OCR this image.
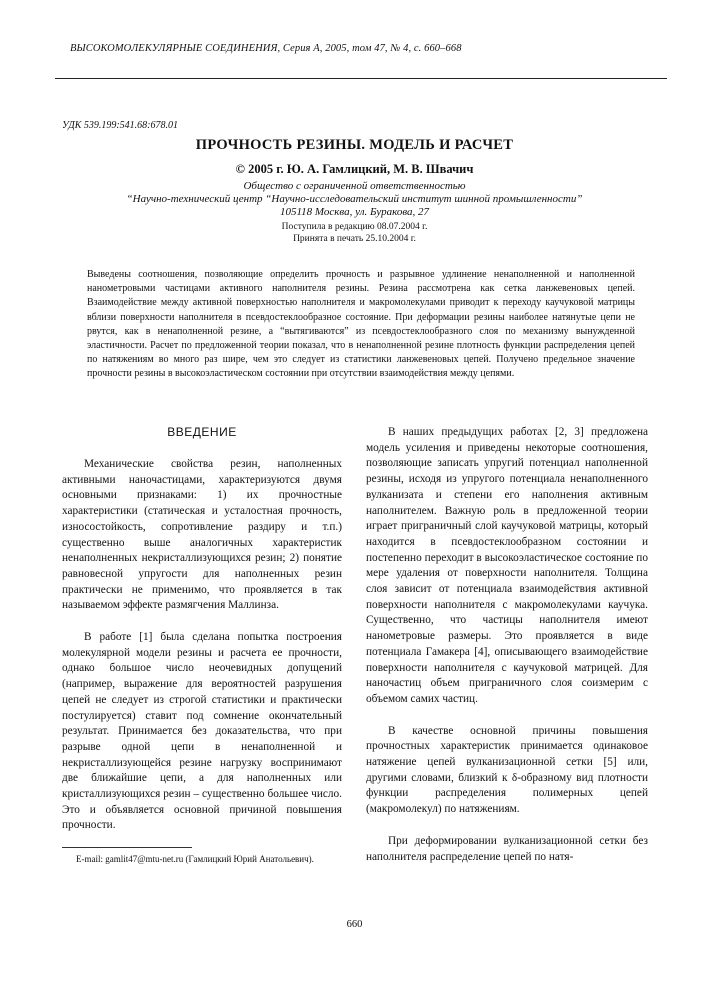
ВЫСОКОМОЛЕКУЛЯРНЫЕ СОЕДИНЕНИЯ, Серия А, 2005, том 47, № 4, с. 660–668
УДК 539.199:541.68:678.01
ПРОЧНОСТЬ РЕЗИНЫ. МОДЕЛЬ И РАСЧЕТ
© 2005 г. Ю. А. Гамлицкий, М. В. Швачич
Общество с ограниченной ответственностью
“Научно-технический центр “Научно-исследовательский институт шинной промышленности”
105118 Москва, ул. Буракова, 27
Поступила в редакцию 08.07.2004 г.
Принята в печать 25.10.2004 г.
Выведены соотношения, позволяющие определить прочность и разрывное удлинение ненаполненной и наполненной нанометровыми частицами активного наполнителя резины. Резина рассмотрена как сетка ланжевеновых цепей. Взаимодействие между активной поверхностью наполнителя и макромолекулами приводит к переходу каучуковой матрицы вблизи поверхности наполнителя в псевдостеклообразное состояние. При деформации резины наиболее натянутые цепи не рвутся, как в ненаполненной резине, а “вытягиваются” из псевдостеклообразного слоя по механизму вынужденной эластичности. Расчет по предложенной теории показал, что в ненаполненной резине плотность функции распределения цепей по натяжениям во много раз шире, чем это следует из статистики ланжевеновых цепей. Получено предельное значение прочности резины в высокоэластическом состоянии при отсутствии взаимодействия между цепями.
ВВЕДЕНИЕ

Механические свойства резин, наполненных активными наночастицами, характеризуются двумя основными признаками: 1) их прочностные характеристики (статическая и усталостная прочность, износостойкость, сопротивление раздиру и т.п.) существенно выше аналогичных характеристик ненаполненных некристаллизующихся резин; 2) понятие равновесной упругости для наполненных резин практически не применимо, что проявляется в так называемом эффекте размягчения Маллинза.

В работе [1] была сделана попытка построения молекулярной модели резины и расчета ее прочности, однако большое число неочевидных допущений (например, выражение для вероятностей разрушения цепей не следует из строгой статистики и практически постулируется) ставит под сомнение окончательный результат. Принимается без доказательства, что при разрыве одной цепи в ненаполненной и некристаллизующейся резине нагрузку воспринимают две ближайшие цепи, а для наполненных или кристаллизующихся резин – существенно большее число. Это и объявляется основной причиной повышения прочности.

В наших предыдущих работах [2, 3] предложена модель усиления и приведены некоторые соотношения, позволяющие записать упругий потенциал наполненной резины, исходя из упругого потенциала ненаполненного вулканизата и степени его наполнения активным наполнителем. Важную роль в предложенной теории играет приграничный слой каучуковой матрицы, который находится в псевдостеклообразном состоянии и постепенно переходит в высокоэластическое состояние по мере удаления от поверхности наполнителя. Толщина слоя зависит от потенциала взаимодействия активной поверхности наполнителя с макромолекулами каучука. Существенно, что частицы наполнителя имеют нанометровые размеры. Это проявляется в виде потенциала Гамакера [4], описывающего взаимодействие поверхности наполнителя с каучуковой матрицей. Для наночастиц объем приграничного слоя соизмерим с объемом самих частиц.

В качестве основной причины повышения прочностных характеристик принимается одинаковое натяжение цепей вулканизационной сетки [5] или, другими словами, близкий к δ-образному вид плотности функции распределения полимерных цепей (макромолекул) по натяжениям.

При деформировании вулканизационной сетки без наполнителя распределение цепей по натя-

E-mail: gamlit47@mtu-net.ru (Гамлицкий Юрий Анатольевич).
660
